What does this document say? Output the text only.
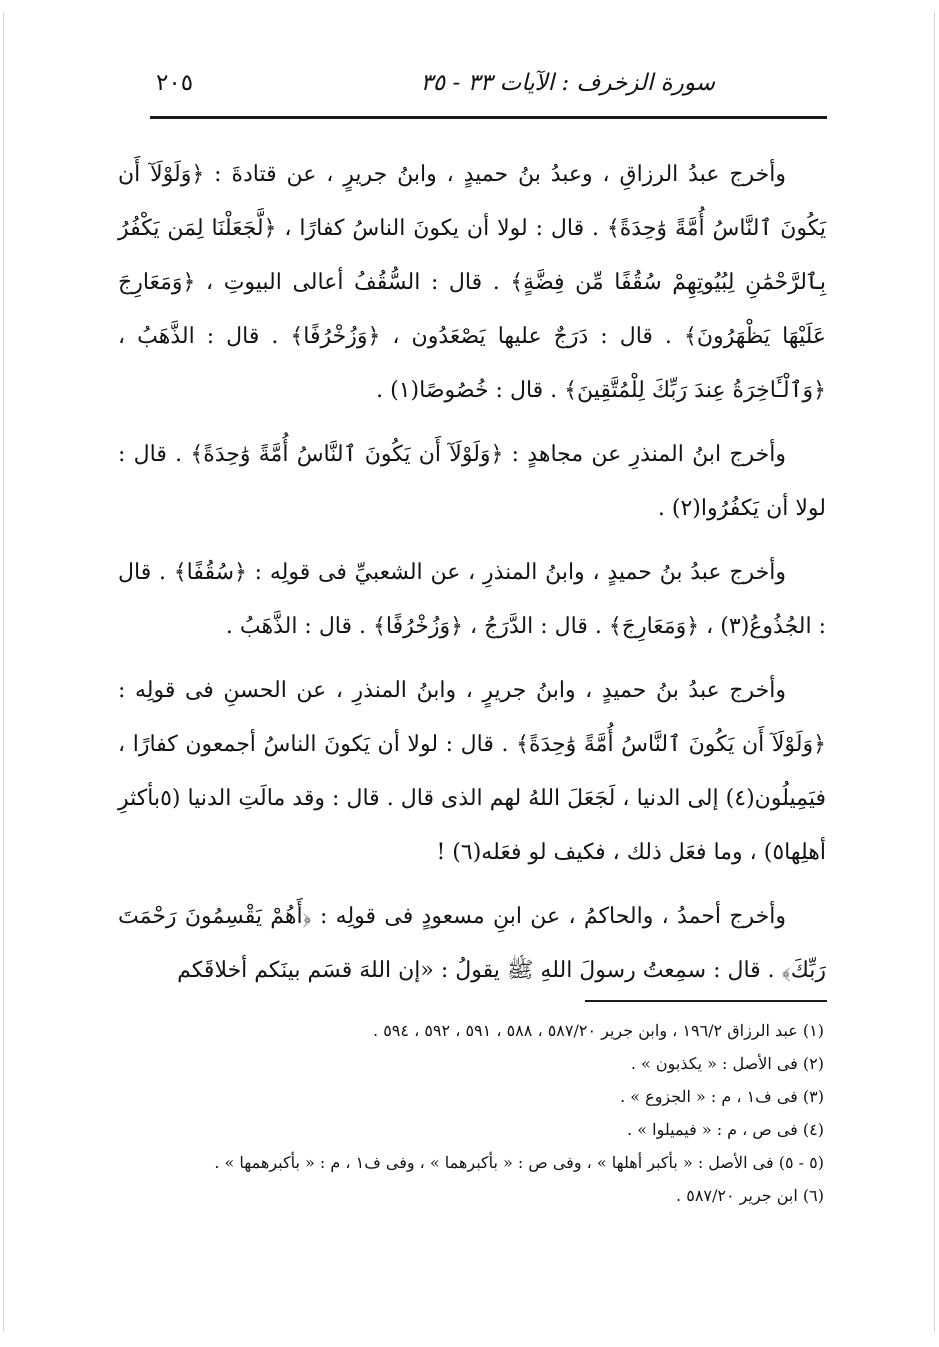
سورة الزخرف : الآيات ٣٣ - ٣٥
٢٠٥

وأخرج عبدُ الرزاقِ ، وعبدُ بنُ حميدٍ ، وابنُ جريرٍ ، عن قتادةَ : ﴿وَلَوْلَآ أَن يَكُونَ ٱلنَّاسُ أُمَّةً وَٰحِدَةً﴾ . قال : لولا أن يكونَ الناسُ كفارًا ، ﴿لَّجَعَلْنَا لِمَن يَكْفُرُ بِٱلرَّحْمَٰنِ لِبُيُوتِهِمْ سُقُفًا مِّن فِضَّةٍ﴾ . قال : السُّقُفُ أعالى البيوتِ ، ﴿وَمَعَارِجَ عَلَيْهَا يَظْهَرُونَ﴾ . قال : دَرَجٌ عليها يَصْعَدُون ، ﴿وَزُخْرُفًا﴾ . قال : الذَّهَبُ ، ﴿وَٱلْـَٔاخِرَةُ عِندَ رَبِّكَ لِلْمُتَّقِينَ﴾ . قال : خُصُوصًا(١) .

وأخرج ابنُ المنذرِ عن مجاهدٍ : ﴿وَلَوْلَآ أَن يَكُونَ ٱلنَّاسُ أُمَّةً وَٰحِدَةً﴾ . قال : لولا أن يَكفُرُوا(٢) .

وأخرج عبدُ بنُ حميدٍ ، وابنُ المنذرِ ، عن الشعبيِّ فى قولِه : ﴿سُقُفًا﴾ . قال : الجُذُوعُ(٣) ، ﴿وَمَعَارِجَ﴾ . قال : الدَّرَجُ ، ﴿وَزُخْرُفًا﴾ . قال : الذَّهَبُ .

وأخرج عبدُ بنُ حميدٍ ، وابنُ جريرٍ ، وابنُ المنذرِ ، عن الحسنِ فى قولِه : ﴿وَلَوْلَآ أَن يَكُونَ ٱلنَّاسُ أُمَّةً وَٰحِدَةً﴾ . قال : لولا أن يَكونَ الناسُ أجمعون كفارًا ، فيَمِيلُون(٤) إلى الدنيا ، لَجَعَلَ اللهُ لهم الذى قال . قال : وقد مالَتِ الدنيا (٥بأكثرِ أهلِها٥) ، وما فعَل ذلك ، فكيف لو فعَله(٦) !

وأخرج أحمدُ ، والحاكمُ ، عن ابنِ مسعودٍ فى قولِه : ﴿أَهُمْ يَقْسِمُونَ رَحْمَتَ رَبِّكَ﴾ . قال : سمِعتُ رسولَ اللهِ ﷺ يقولُ : «إن اللهَ قسَم بينَكم أخلاقَكم

(١) عبد الرزاق ١٩٦/٢ ، وابن جرير ٥٨٧/٢٠ ، ٥٨٨ ، ٥٩١ ، ٥٩٢ ، ٥٩٤ .

(٢) فى الأصل : « يكذبون » .

(٣) فى ف١ ، م : « الجزوع » .

(٤) فى ص ، م : « فيميلوا » .

(٥ - ٥) فى الأصل : « بأكبر أهلها » ، وفى ص : « بأكبرهما » ، وفى ف١ ، م : « بأكبرهمها » .

(٦) ابن جرير ٥٨٧/٢٠ .
